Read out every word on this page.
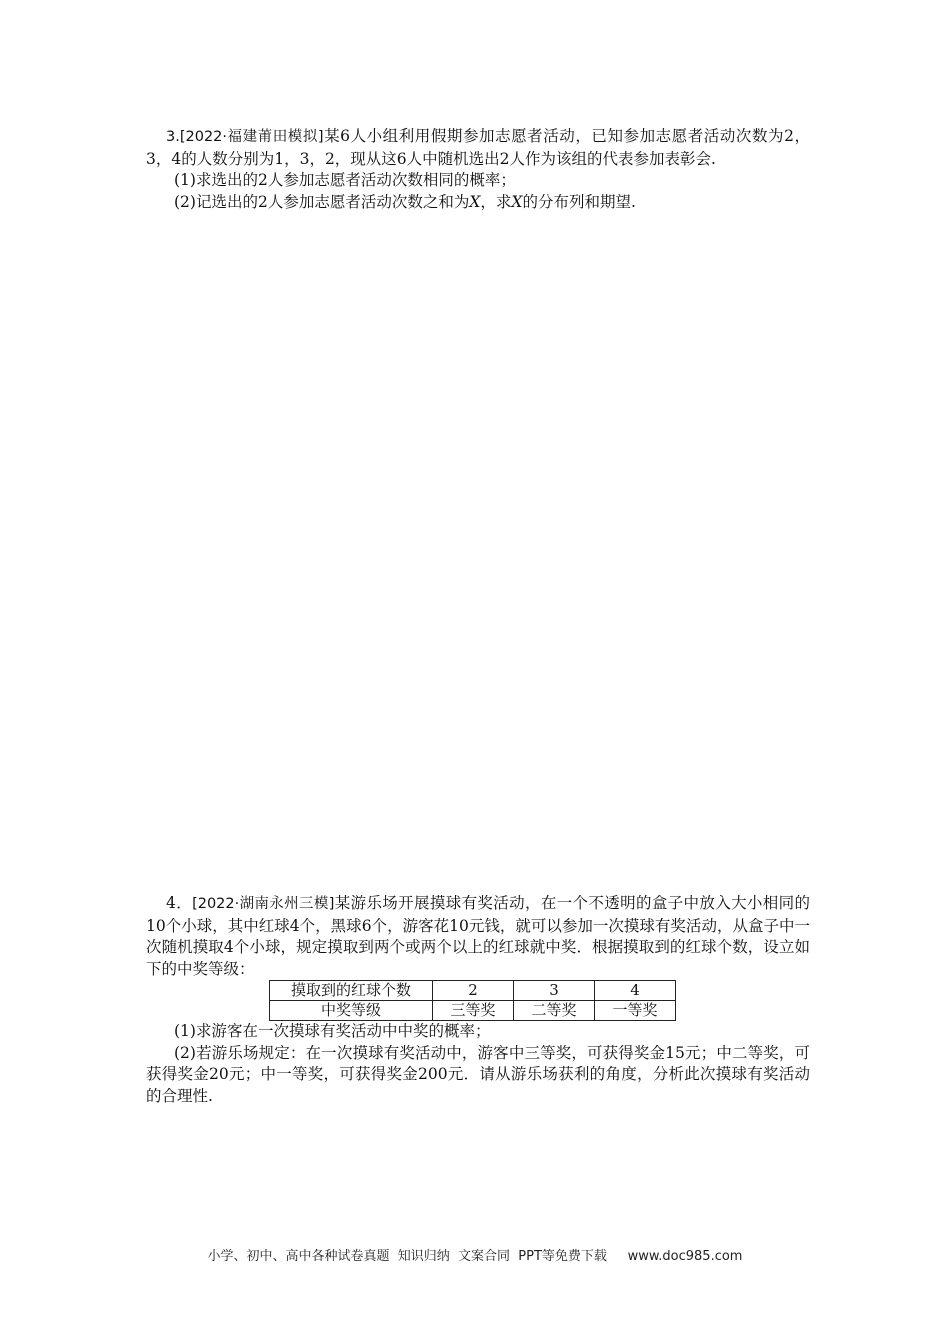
3.[2022·福建莆田模拟]某6人小组利用假期参加志愿者活动，已知参加志愿者活动次数为2，3，4的人数分别为1，3，2，现从这6人中随机选出2人作为该组的代表参加表彰会.

(1)求选出的2人参加志愿者活动次数相同的概率；

(2)记选出的2人参加志愿者活动次数之和为X，求X的分布列和期望.

4．[2022·湖南永州三模]某游乐场开展摸球有奖活动，在一个不透明的盒子中放入大小相同的10个小球，其中红球4个，黑球6个，游客花10元钱，就可以参加一次摸球有奖活动，从盒子中一次随机摸取4个小球，规定摸取到两个或两个以上的红球就中奖．根据摸取到的红球个数，设立如下的中奖等级：

摸取到的红球个数	2	3	4
中奖等级	三等奖	二等奖	一等奖

(1)求游客在一次摸球有奖活动中中奖的概率；

(2)若游乐场规定：在一次摸球有奖活动中，游客中三等奖，可获得奖金15元；中二等奖，可获得奖金20元；中一等奖，可获得奖金200元．请从游乐场获利的角度，分析此次摸球有奖活动的合理性.

小学、初中、高中各种试卷真题  知识归纳  文案合同  PPT等免费下载     www.doc985.com
